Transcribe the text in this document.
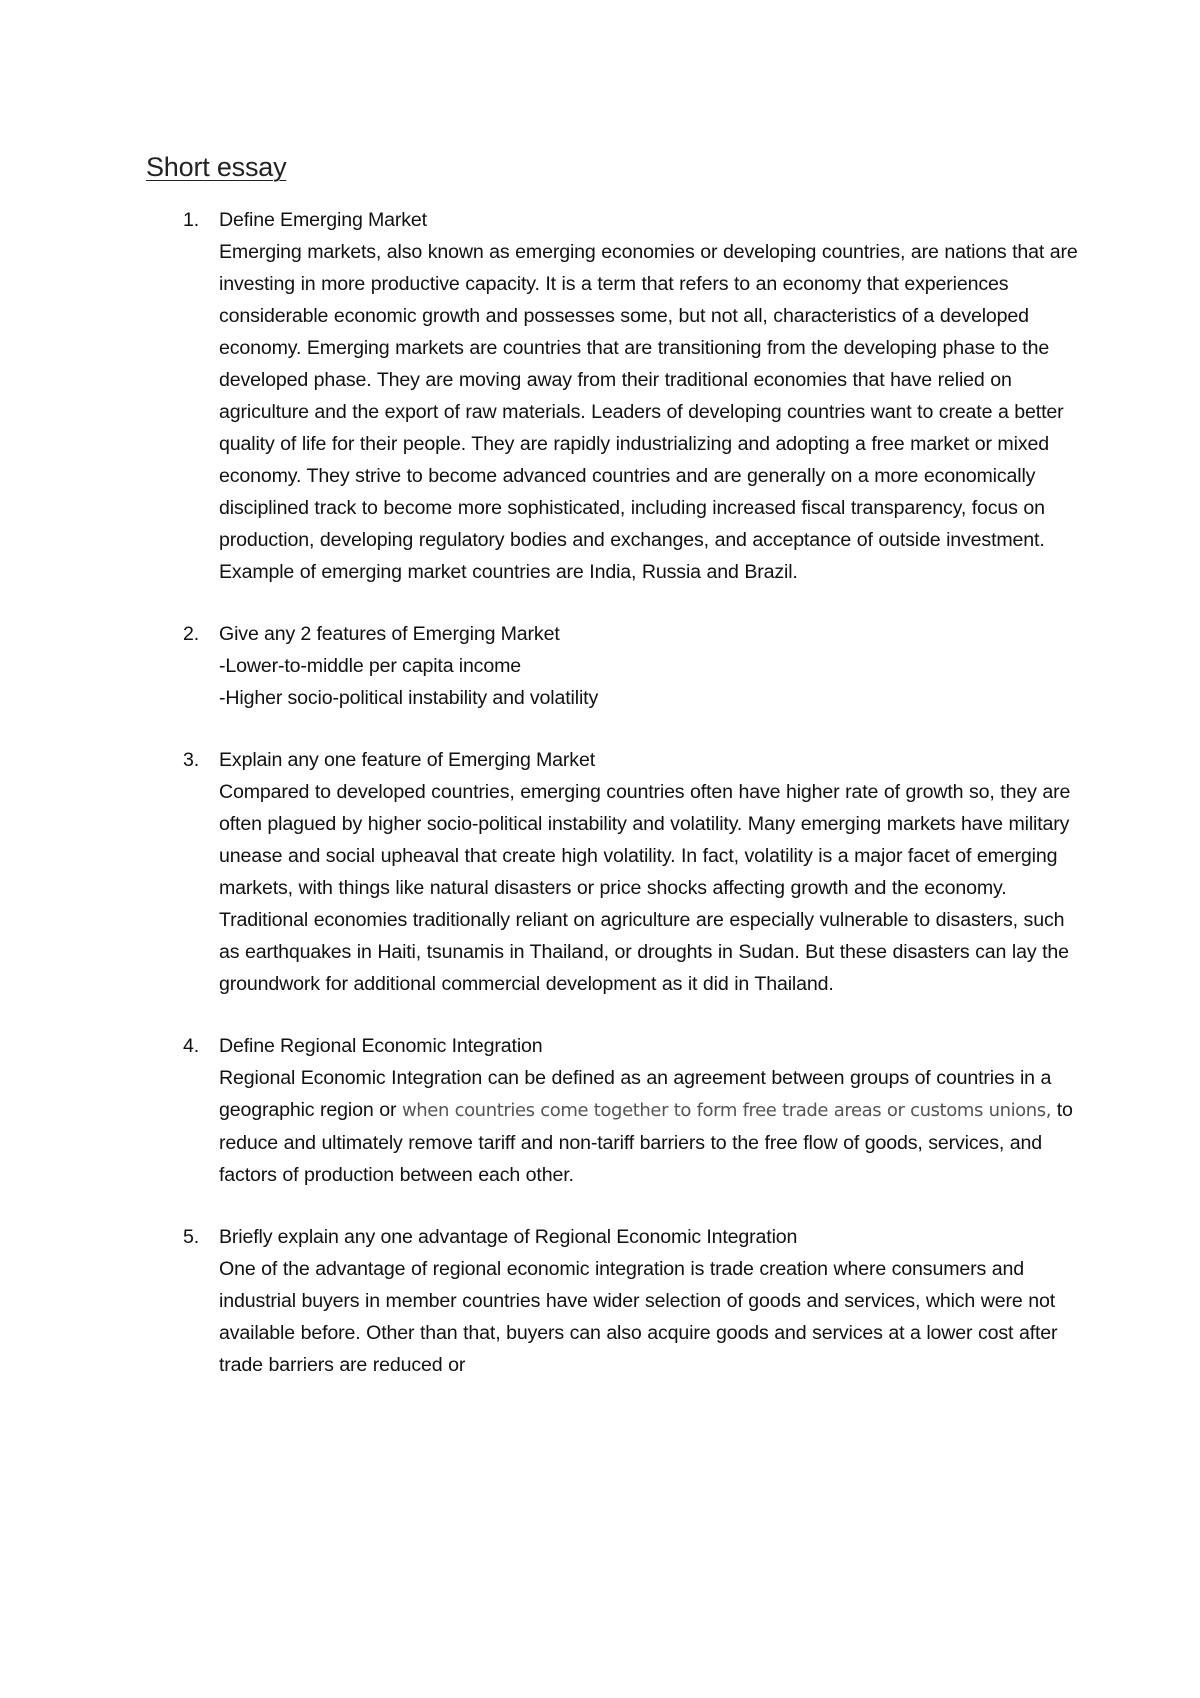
Short essay
1.	Define Emerging Market
Emerging markets, also known as emerging economies or developing countries, are nations that are investing in more productive capacity. It is a term that refers to an economy that experiences considerable economic growth and possesses some, but not all, characteristics of a developed economy. Emerging markets are countries that are transitioning from the developing phase to the developed phase. They are moving away from their traditional economies that have relied on agriculture and the export of raw materials. Leaders of developing countries want to create a better quality of life for their people. They are rapidly industrializing and adopting a free market or mixed economy. They strive to become advanced countries and are generally on a more economically disciplined track to become more sophisticated, including increased fiscal transparency, focus on production, developing regulatory bodies and exchanges, and acceptance of outside investment. Example of emerging market countries are India, Russia and Brazil.
2.	Give any 2 features of Emerging Market
-Lower-to-middle per capita income
-Higher socio-political instability and volatility
3.	Explain any one feature of Emerging Market
Compared to developed countries, emerging countries often have higher rate of growth so, they are often plagued by higher socio-political instability and volatility. Many emerging markets have military unease and social upheaval that create high volatility. In fact, volatility is a major facet of emerging markets, with things like natural disasters or price shocks affecting growth and the economy. Traditional economies traditionally reliant on agriculture are especially vulnerable to disasters, such as earthquakes in Haiti, tsunamis in Thailand, or droughts in Sudan. But these disasters can lay the groundwork for additional commercial development as it did in Thailand.
4.	Define Regional Economic Integration
Regional Economic Integration can be defined as an agreement between groups of countries in a geographic region or when countries come together to form free trade areas or customs unions, to reduce and ultimately remove tariff and non-tariff barriers to the free flow of goods, services, and factors of production between each other.
5.	Briefly explain any one advantage of Regional Economic Integration
One of the advantage of regional economic integration is trade creation where consumers and industrial buyers in member countries have wider selection of goods and services, which were not available before. Other than that, buyers can also acquire goods and services at a lower cost after trade barriers are reduced or
